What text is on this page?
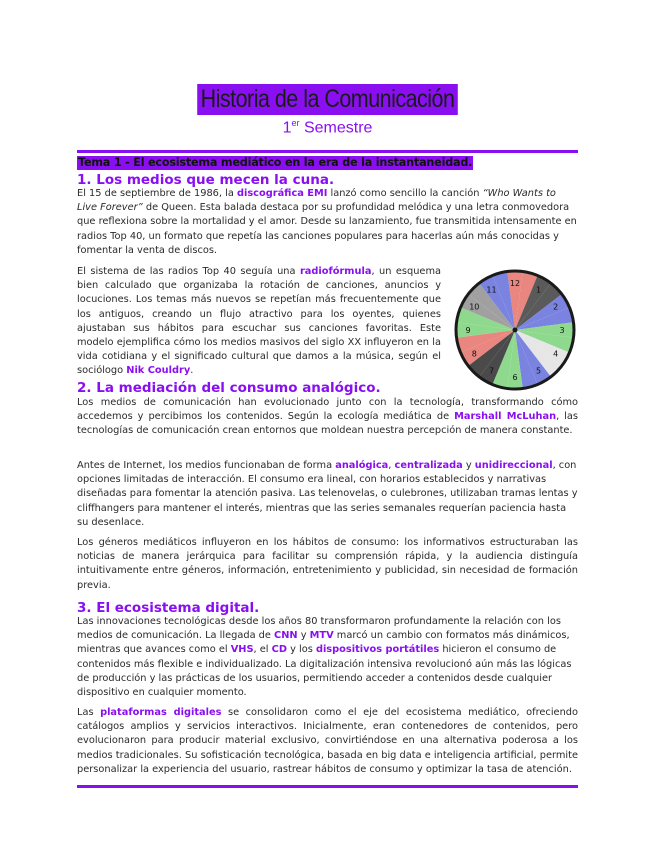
Historia de la Comunicación
1er Semestre
Tema 1 - El ecosistema mediático en la era de la instantaneidad.
1. Los medios que mecen la cuna.

El 15 de septiembre de 1986, la discográfica EMI lanzó como sencillo la canción “Who Wants to Live Forever” de Queen. Esta balada destaca por su profundidad melódica y una letra conmovedora que reflexiona sobre la mortalidad y el amor. Desde su lanzamiento, fue transmitida intensamente en radios Top 40, un formato que repetía las canciones populares para hacerlas aún más conocidas y fomentar la venta de discos.

El sistema de las radios Top 40 seguía una radiofórmula, un esquema bien calculado que organizaba la rotación de canciones, anuncios y locuciones. Los temas más nuevos se repetían más frecuentemente que los antiguos, creando un flujo atractivo para los oyentes, quienes ajustaban sus hábitos para escuchar sus canciones favoritas. Este modelo ejemplifica cómo los medios masivos del siglo XX influyeron en la vida cotidiana y el significado cultural que damos a la música, según el sociólogo Nik Couldry.

12
1
2
3
4
5
6
7
8
9
10
11
2. La mediación del consumo analógico.

Los medios de comunicación han evolucionado junto con la tecnología, transformando cómo accedemos y percibimos los contenidos. Según la ecología mediática de Marshall McLuhan, las tecnologías de comunicación crean entornos que moldean nuestra percepción de manera constante.

Antes de Internet, los medios funcionaban de forma analógica, centralizada y unidireccional, con opciones limitadas de interacción. El consumo era lineal, con horarios establecidos y narrativas diseñadas para fomentar la atención pasiva. Las telenovelas, o culebrones, utilizaban tramas lentas y cliffhangers para mantener el interés, mientras que las series semanales requerían paciencia hasta su desenlace.

Los géneros mediáticos influyeron en los hábitos de consumo: los informativos estructuraban las noticias de manera jerárquica para facilitar su comprensión rápida, y la audiencia distinguía intuitivamente entre géneros, información, entretenimiento y publicidad, sin necesidad de formación previa.

3. El ecosistema digital.

Las innovaciones tecnológicas desde los años 80 transformaron profundamente la relación con los medios de comunicación. La llegada de CNN y MTV marcó un cambio con formatos más dinámicos, mientras que avances como el VHS, el CD y los dispositivos portátiles hicieron el consumo de contenidos más flexible e individualizado. La digitalización intensiva revolucionó aún más las lógicas de producción y las prácticas de los usuarios, permitiendo acceder a contenidos desde cualquier dispositivo en cualquier momento.

Las plataformas digitales se consolidaron como el eje del ecosistema mediático, ofreciendo catálogos amplios y servicios interactivos. Inicialmente, eran contenedores de contenidos, pero evolucionaron para producir material exclusivo, convirtiéndose en una alternativa poderosa a los medios tradicionales. Su sofisticación tecnológica, basada en big data e inteligencia artificial, permite personalizar la experiencia del usuario, rastrear hábitos de consumo y optimizar la tasa de atención.
